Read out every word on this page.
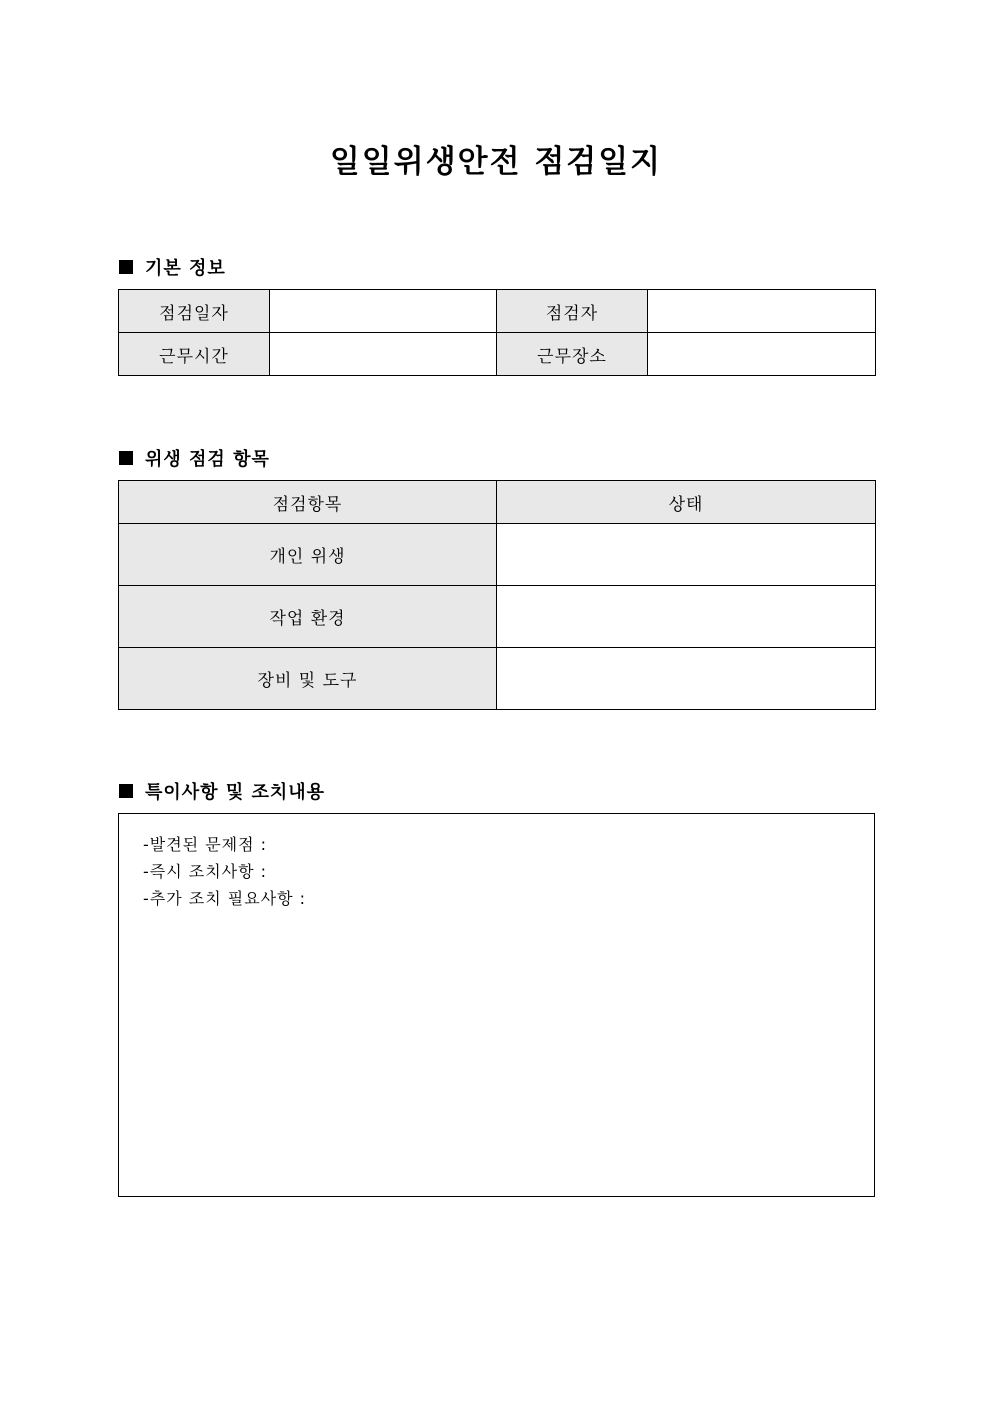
일일위생안전 점검일지
기본 정보
점검일자		점검자	
근무시간		근무장소	
위생 점검 항목
점검항목	상태
개인 위생	
작업 환경	
장비 및 도구	
특이사항 및 조치내용
-발견된 문제점 :
-즉시 조치사항 :
-추가 조치 필요사항 :
